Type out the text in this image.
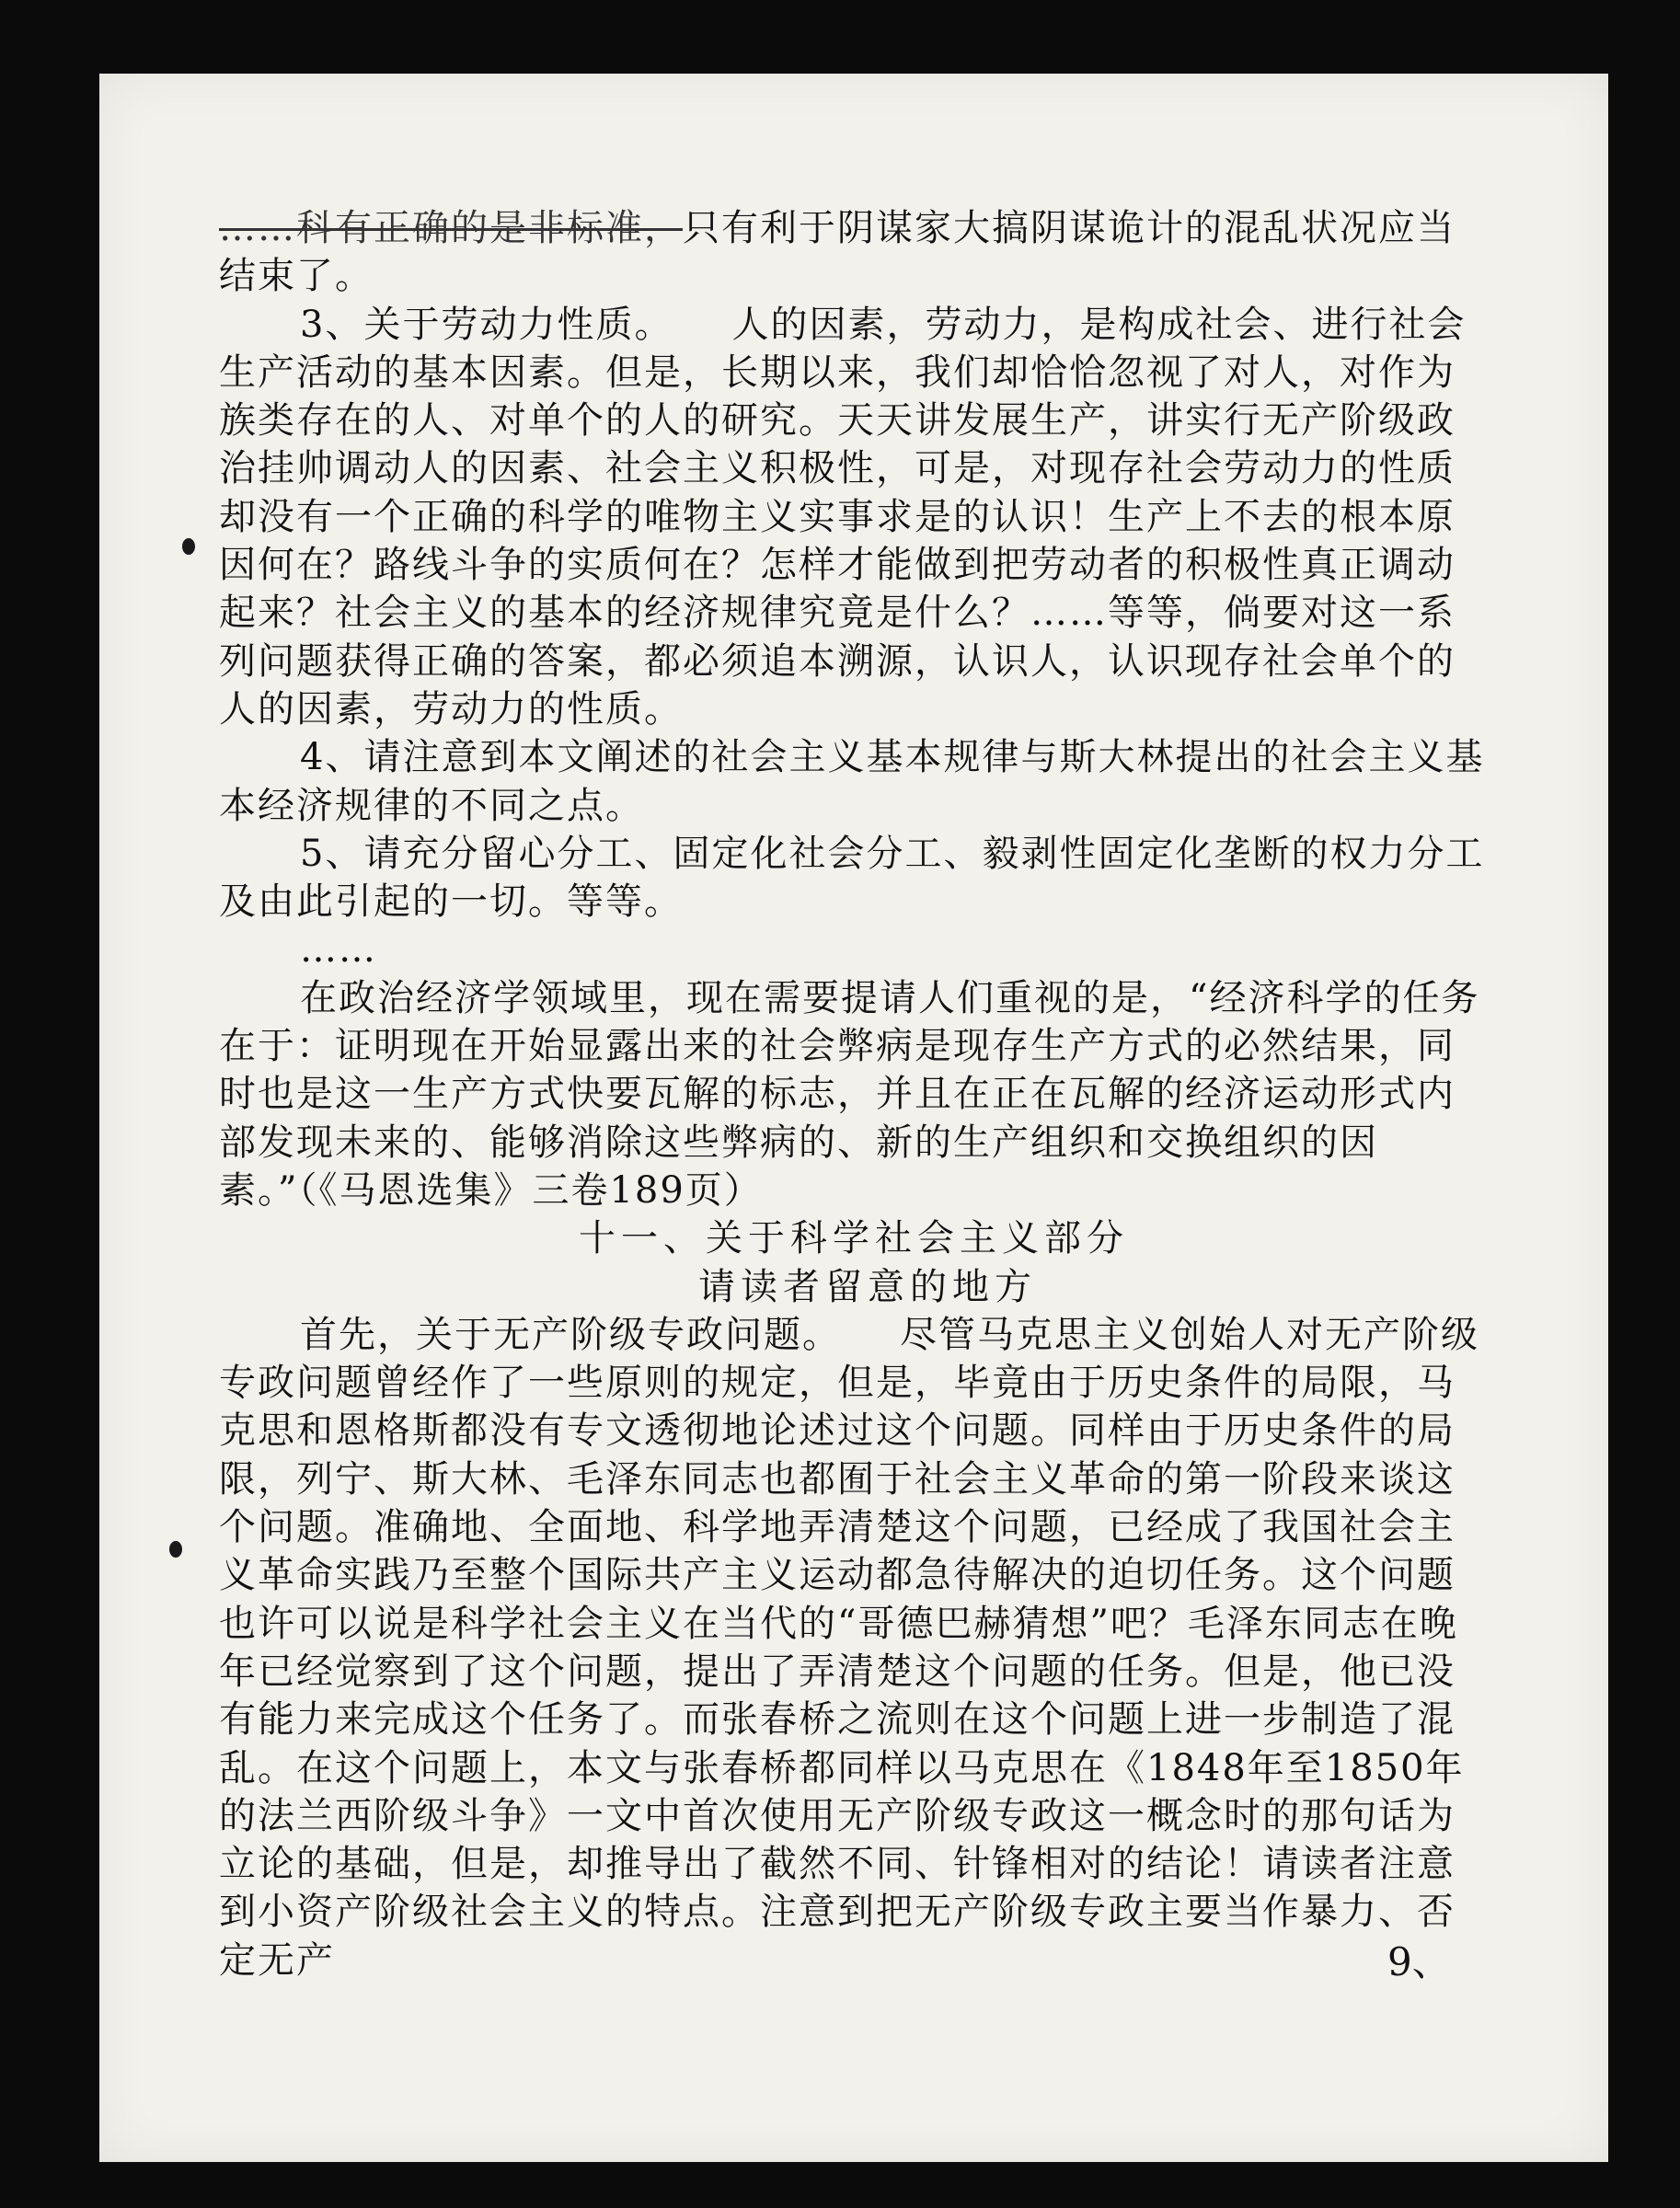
……科有正确的是非标准，只有利于阴谋家大搞阴谋诡计的混乱状况应当结束了。

3、关于劳动力性质。　　人的因素，劳动力，是构成社会、进行社会生产活动的基本因素。但是，长期以来，我们却恰恰忽视了对人，对作为族类存在的人、对单个的人的研究。天天讲发展生产，讲实行无产阶级政治挂帅调动人的因素、社会主义积极性，可是，对现存社会劳动力的性质却没有一个正确的科学的唯物主义实事求是的认识！生产上不去的根本原因何在？路线斗争的实质何在？怎样才能做到把劳动者的积极性真正调动起来？社会主义的基本的经济规律究竟是什么？……等等，倘要对这一系列问题获得正确的答案，都必须追本溯源，认识人，认识现存社会单个的人的因素，劳动力的性质。

4、请注意到本文阐述的社会主义基本规律与斯大林提出的社会主义基本经济规律的不同之点。

5、请充分留心分工、固定化社会分工、毅剥性固定化垄断的权力分工及由此引起的一切。等等。

……

在政治经济学领域里，现在需要提请人们重视的是，“经济科学的任务在于：证明现在开始显露出来的社会弊病是现存生产方式的必然结果，同时也是这一生产方式快要瓦解的标志，并且在正在瓦解的经济运动形式内部发现未来的、能够消除这些弊病的、新的生产组织和交换组织的因素。”（《马恩选集》三卷189页）

十一、关于科学社会主义部分

请读者留意的地方

首先，关于无产阶级专政问题。　　尽管马克思主义创始人对无产阶级专政问题曾经作了一些原则的规定，但是，毕竟由于历史条件的局限，马克思和恩格斯都没有专文透彻地论述过这个问题。同样由于历史条件的局限，列宁、斯大林、毛泽东同志也都囿于社会主义革命的第一阶段来谈这个问题。准确地、全面地、科学地弄清楚这个问题，已经成了我国社会主义革命实践乃至整个国际共产主义运动都急待解决的迫切任务。这个问题也许可以说是科学社会主义在当代的“哥德巴赫猜想”吧？毛泽东同志在晚年已经觉察到了这个问题，提出了弄清楚这个问题的任务。但是，他已没有能力来完成这个任务了。而张春桥之流则在这个问题上进一步制造了混乱。在这个问题上，本文与张春桥都同样以马克思在《1848年至1850年的法兰西阶级斗争》一文中首次使用无产阶级专政这一概念时的那句话为立论的基础，但是，却推导出了截然不同、针锋相对的结论！请读者注意到小资产阶级社会主义的特点。注意到把无产阶级专政主要当作暴力、否定无产	9、
